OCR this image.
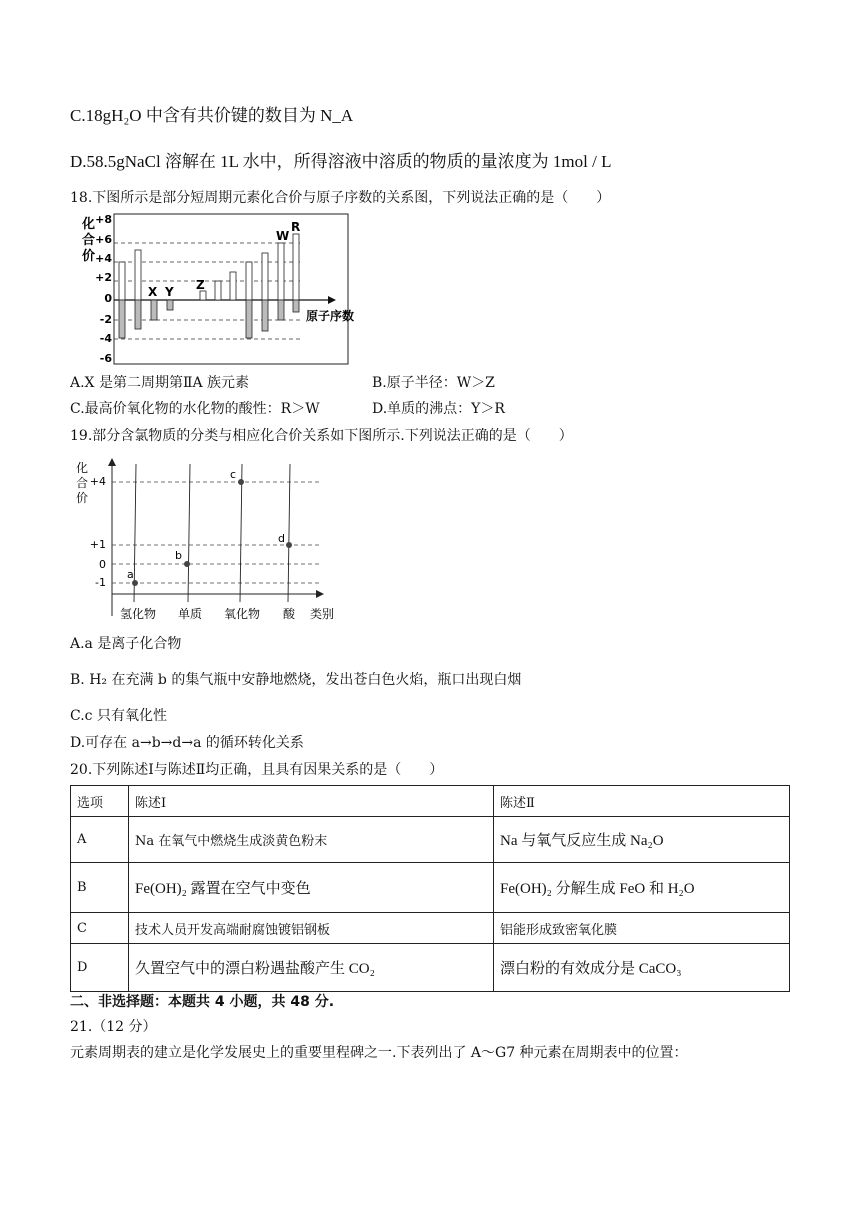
C.18gH₂O 中含有共价键的数目为 N_A
D.58.5gNaCl 溶解在 1L 水中，所得溶液中溶质的物质的量浓度为 1mol / L
18.下图所示是部分短周期元素化合价与原子序数的关系图，下列说法正确的是（　　）
化合价
+8
+6
+4
+2
0
-2
-4
-6
原子序数
X Y Z
W
R
A.X 是第二周期第ⅡA 族元素	B.原子半径：W＞Z
C.最高价氧化物的水化物的酸性：R＞W	D.单质的沸点：Y＞R
19.部分含氯物质的分类与相应化合价关系如下图所示.下列说法正确的是（　　）
化合价
+4
+1
0
-1
a
b
c
d
氢化物 单质 氧化物 酸 类别
A.a 是离子化合物
B. H₂ 在充满 b 的集气瓶中安静地燃烧，发出苍白色火焰，瓶口出现白烟
C.c 只有氧化性
D.可存在 a→b→d→a 的循环转化关系
20.下列陈述Ⅰ与陈述Ⅱ均正确，且具有因果关系的是（　　）
选项	陈述Ⅰ	陈述Ⅱ
A	Na 在氧气中燃烧生成淡黄色粉末	Na 与氧气反应生成 Na₂O
B	Fe(OH)₂ 露置在空气中变色	Fe(OH)₂ 分解生成 FeO 和 H₂O
C	技术人员开发高端耐腐蚀镀铝钢板	铝能形成致密氧化膜
D	久置空气中的漂白粉遇盐酸产生 CO₂	漂白粉的有效成分是 CaCO₃
二、非选择题：本题共 4 小题，共 48 分.
21.（12 分）
元素周期表的建立是化学发展史上的重要里程碑之一.下表列出了 A～G7 种元素在周期表中的位置：
